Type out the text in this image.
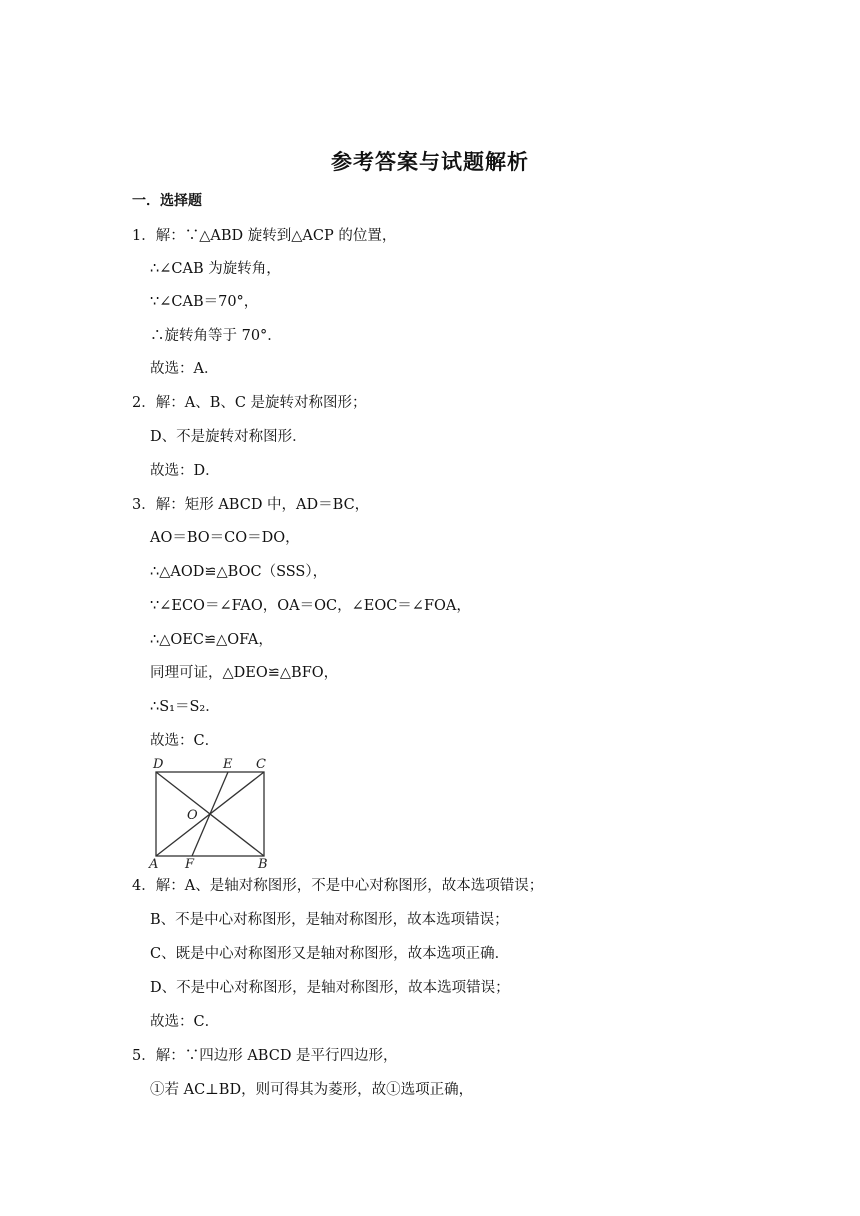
参考答案与试题解析
一．选择题
1．解：∵△ABD 旋转到△ACP 的位置，
∴∠CAB 为旋转角，
∵∠CAB＝70°，
∴旋转角等于 70°．
故选：A．
2．解：A、B、C 是旋转对称图形；
D、不是旋转对称图形．
故选：D．
3．解：矩形 ABCD 中，AD＝BC，
AO＝BO＝CO＝DO，
∴△AOD≌△BOC（SSS），
∵∠ECO＝∠FAO，OA＝OC，∠EOC＝∠FOA，
∴△OEC≌△OFA，
同理可证，△DEO≌△BFO，
∴S₁＝S₂．
故选：C．
D	E C
O
A F	B
4．解：A、是轴对称图形，不是中心对称图形，故本选项错误；
B、不是中心对称图形，是轴对称图形，故本选项错误；
C、既是中心对称图形又是轴对称图形，故本选项正确．
D、不是中心对称图形，是轴对称图形，故本选项错误；
故选：C．
5．解：∵四边形 ABCD 是平行四边形，
①若 AC⊥BD，则可得其为菱形，故①选项正确，
